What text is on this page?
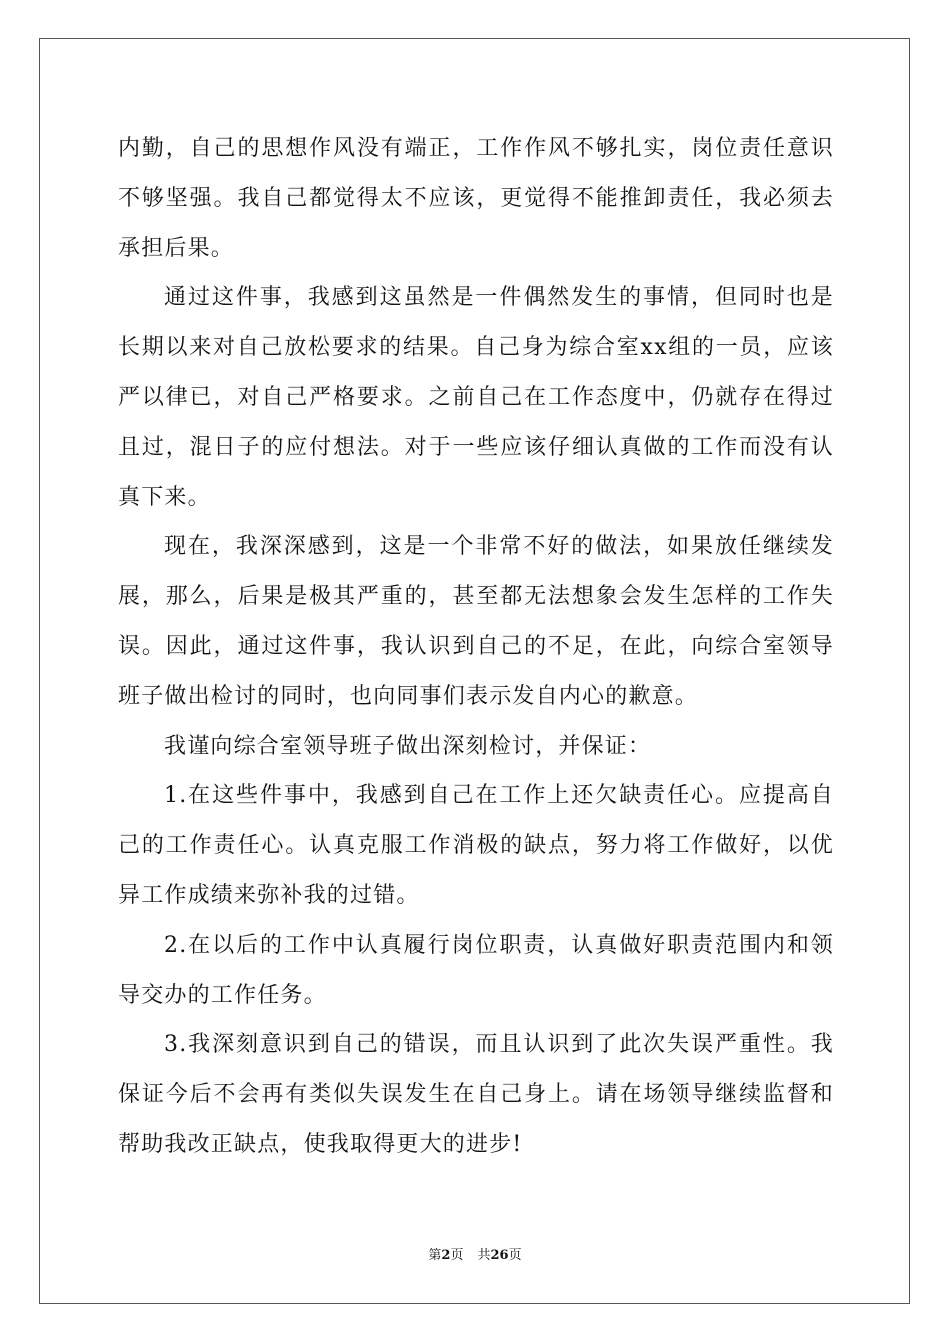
内勤，自己的思想作风没有端正，工作作风不够扎实，岗位责任意识不够坚强。我自己都觉得太不应该，更觉得不能推卸责任，我必须去承担后果。

通过这件事，我感到这虽然是一件偶然发生的事情，但同时也是长期以来对自己放松要求的结果。自己身为综合室xx组的一员，应该严以律已，对自己严格要求。之前自己在工作态度中，仍就存在得过且过，混日子的应付想法。对于一些应该仔细认真做的工作而没有认真下来。

现在，我深深感到，这是一个非常不好的做法，如果放任继续发展，那么，后果是极其严重的，甚至都无法想象会发生怎样的工作失误。因此，通过这件事，我认识到自己的不足，在此，向综合室领导班子做出检讨的同时，也向同事们表示发自内心的歉意。

我谨向综合室领导班子做出深刻检讨，并保证：

1.在这些件事中，我感到自己在工作上还欠缺责任心。应提高自己的工作责任心。认真克服工作消极的缺点，努力将工作做好，以优异工作成绩来弥补我的过错。

2.在以后的工作中认真履行岗位职责，认真做好职责范围内和领导交办的工作任务。

3.我深刻意识到自己的错误，而且认识到了此次失误严重性。我保证今后不会再有类似失误发生在自己身上。请在场领导继续监督和帮助我改正缺点，使我取得更大的进步!

第2页 共26页
